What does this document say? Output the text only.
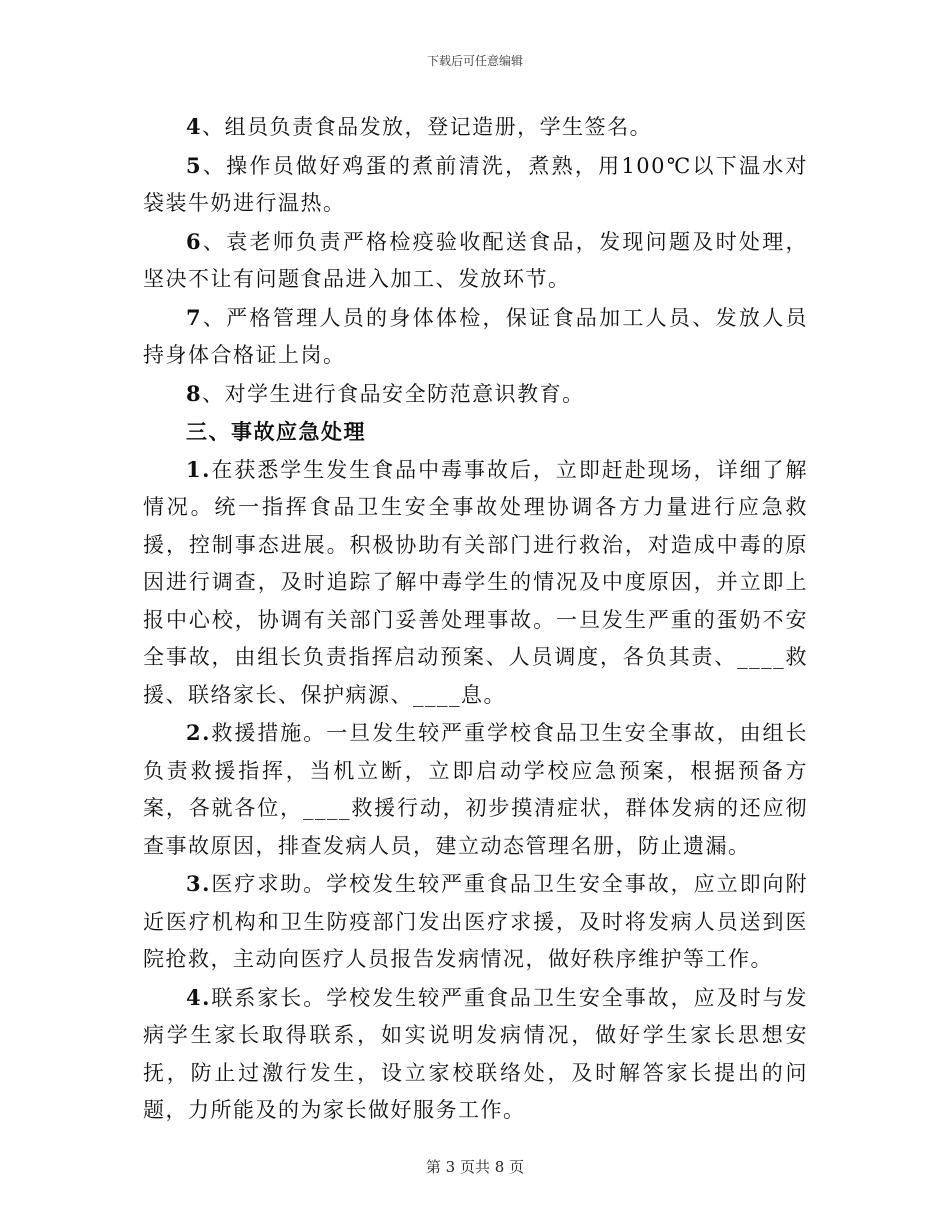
下载后可任意编辑

4、组员负责食品发放，登记造册，学生签名。

5、操作员做好鸡蛋的煮前清洗，煮熟，用100℃以下温水对袋装牛奶进行温热。

6、袁老师负责严格检疫验收配送食品，发现问题及时处理，坚决不让有问题食品进入加工、发放环节。

7、严格管理人员的身体体检，保证食品加工人员、发放人员持身体合格证上岗。

8、对学生进行食品安全防范意识教育。

三、事故应急处理

1.在获悉学生发生食品中毒事故后，立即赶赴现场，详细了解情况。统一指挥食品卫生安全事故处理协调各方力量进行应急救援，控制事态进展。积极协助有关部门进行救治，对造成中毒的原因进行调查，及时追踪了解中毒学生的情况及中度原因，并立即上报中心校，协调有关部门妥善处理事故。一旦发生严重的蛋奶不安全事故，由组长负责指挥启动预案、人员调度，各负其责、____救援、联络家长、保护病源、____息。

2.救援措施。一旦发生较严重学校食品卫生安全事故，由组长负责救援指挥，当机立断，立即启动学校应急预案，根据预备方案，各就各位，____救援行动，初步摸清症状，群体发病的还应彻查事故原因，排查发病人员，建立动态管理名册，防止遗漏。

3.医疗求助。学校发生较严重食品卫生安全事故，应立即向附近医疗机构和卫生防疫部门发出医疗求援，及时将发病人员送到医院抢救，主动向医疗人员报告发病情况，做好秩序维护等工作。

4.联系家长。学校发生较严重食品卫生安全事故，应及时与发病学生家长取得联系，如实说明发病情况，做好学生家长思想安抚，防止过激行发生，设立家校联络处，及时解答家长提出的问题，力所能及的为家长做好服务工作。

第 3 页共 8 页
